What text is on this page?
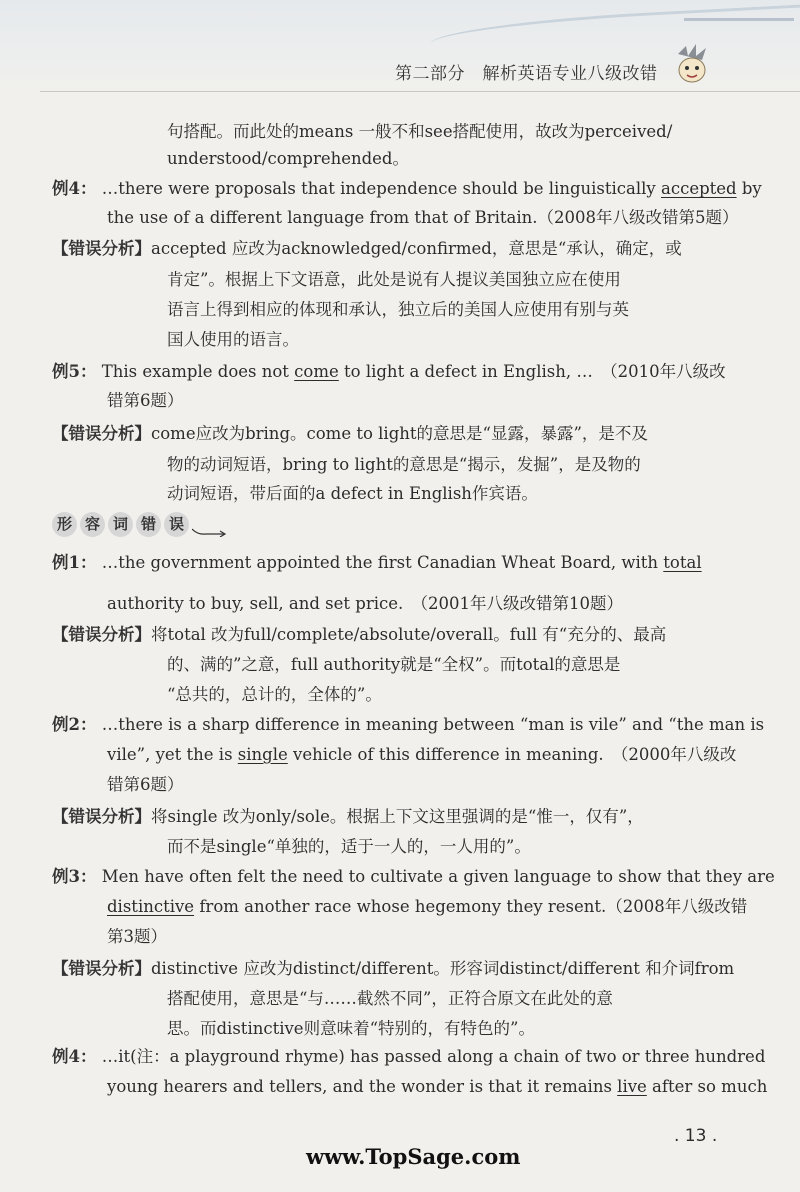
第二部分　解析英语专业八级改错
句搭配。而此处的means 一般不和see搭配使用，故改为perceived/
understood/comprehended。
例4： …there were proposals that independence should be linguistically accepted by
the use of a different language from that of Britain.（2008年八级改错第5题）
【错误分析】accepted 应改为acknowledged/confirmed，意思是“承认，确定，或
肯定”。根据上下文语意，此处是说有人提议美国独立应在使用
语言上得到相应的体现和承认，独立后的美国人应使用有别与英
国人使用的语言。
例5： This example does not come to light a defect in English, …　（2010年八级改
错第6题）
【错误分析】come应改为bring。come to light的意思是“显露，暴露”，是不及
物的动词短语，bring to light的意思是“揭示，发掘”，是及物的
动词短语，带后面的a defect in English作宾语。
形 容 词 错 误
例1： …the government appointed the first Canadian Wheat Board, with total
authority to buy, sell, and set price.　（2001年八级改错第10题）
【错误分析】将total 改为full/complete/absolute/overall。full 有“充分的、最高
的、满的”之意，full authority就是“全权”。而total的意思是
“总共的，总计的，全体的”。
例2： …there is a sharp difference in meaning between “man is vile” and “the man is
vile”, yet the is single vehicle of this difference in meaning.　（2000年八级改
错第6题）
【错误分析】将single 改为only/sole。根据上下文这里强调的是“惟一，仅有”，
而不是single“单独的，适于一人的，一人用的”。
例3： Men have often felt the need to cultivate a given language to show that they are
distinctive from another race whose hegemony they resent.（2008年八级改错
第3题）
【错误分析】distinctive 应改为distinct/different。形容词distinct/different 和介词from
搭配使用，意思是“与……截然不同”，正符合原文在此处的意
思。而distinctive则意味着“特别的，有特色的”。
例4： …it(注：a playground rhyme) has passed along a chain of two or three hundred
young hearers and tellers, and the wonder is that it remains live after so much
. 13 .
www.TopSage.com
